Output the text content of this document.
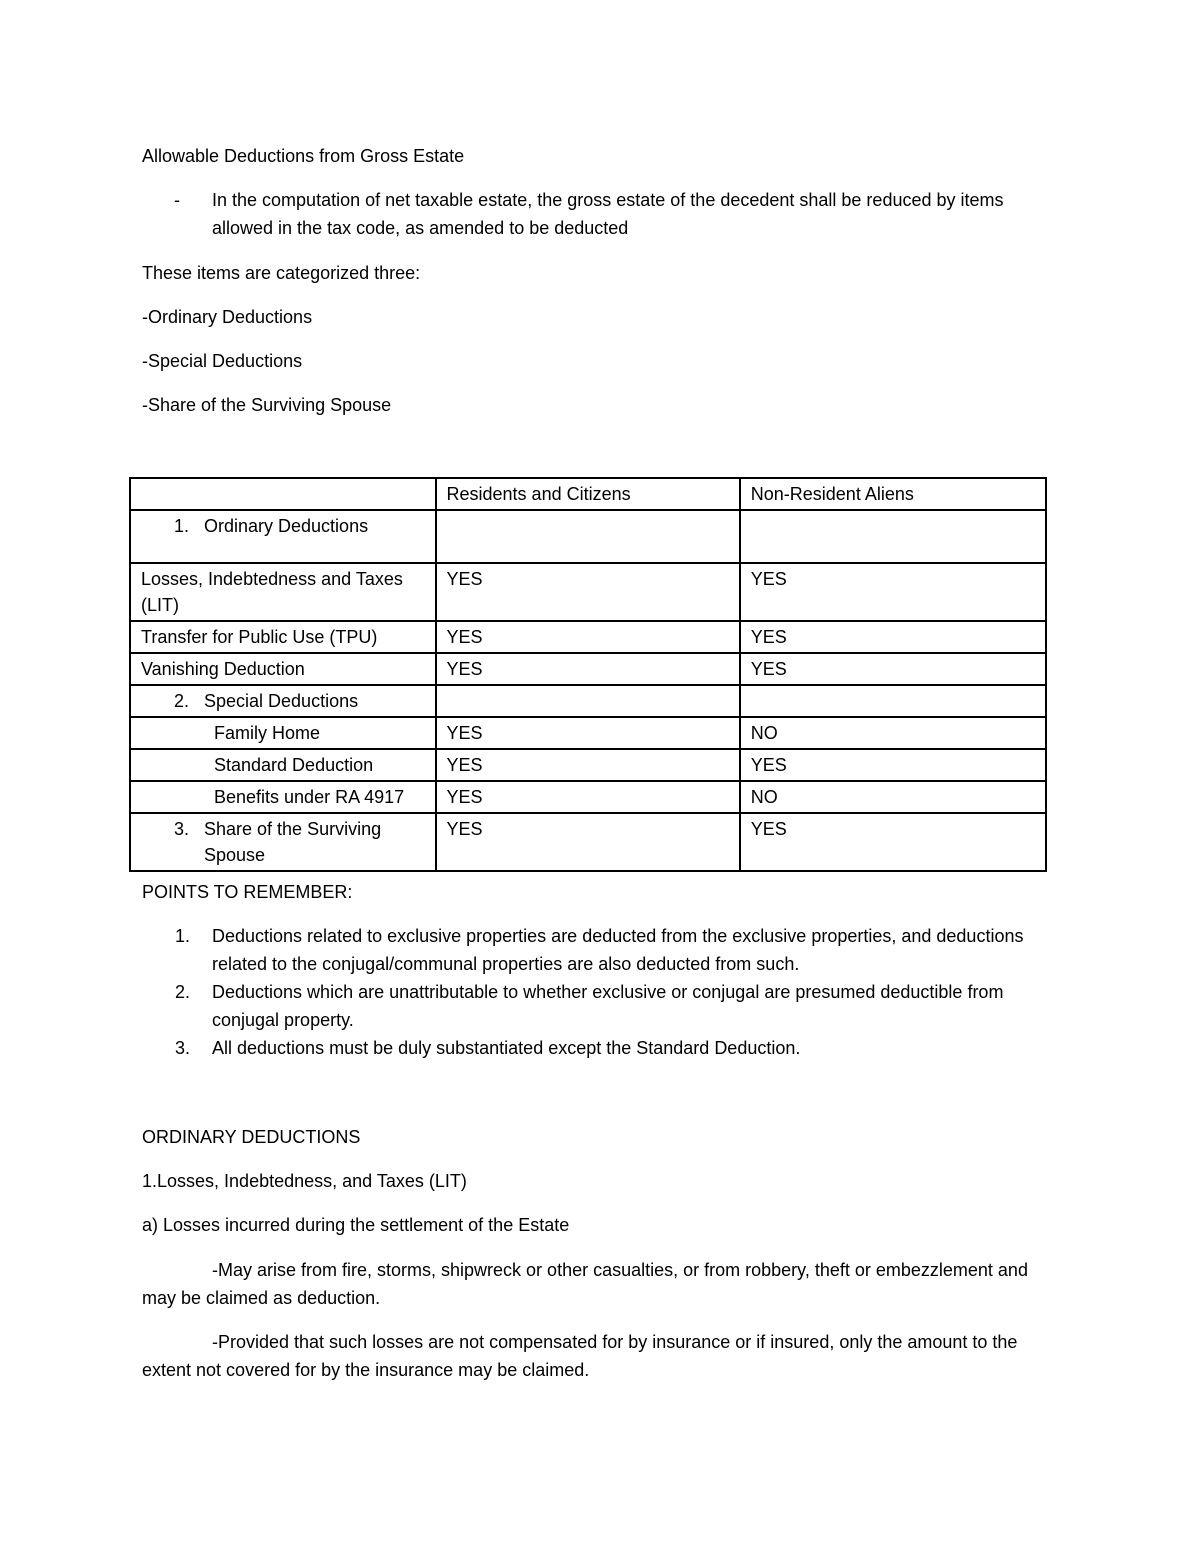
Allowable Deductions from Gross Estate

- In the computation of net taxable estate, the gross estate of the decedent shall be reduced by items allowed in the tax code, as amended to be deducted

These items are categorized three:

-Ordinary Deductions

-Special Deductions

-Share of the Surviving Spouse

	Residents and Citizens	Non-Resident Aliens

1. Ordinary Deductions		

Losses, Indebtedness and Taxes (LIT)	YES	YES
Transfer for Public Use (TPU)	YES	YES
Vanishing Deduction	YES	YES

2. Special Deductions		

Family Home	YES	NO

Standard Deduction	YES	YES

Benefits under RA 4917	YES	NO

3. Share of the Surviving Spouse	YES	YES

POINTS TO REMEMBER:

1.	Deductions related to exclusive properties are deducted from the exclusive properties, and deductions related to the conjugal/communal properties are also deducted from such.
2.	Deductions which are unattributable to whether exclusive or conjugal are presumed deductible from conjugal property.
3.	All deductions must be duly substantiated except the Standard Deduction.

ORDINARY DEDUCTIONS

1.Losses, Indebtedness, and Taxes (LIT)

a) Losses incurred during the settlement of the Estate

-May arise from fire, storms, shipwreck or other casualties, or from robbery, theft or embezzlement and may be claimed as deduction.
-Provided that such losses are not compensated for by insurance or if insured, only the amount to the extent not covered for by the insurance may be claimed.
